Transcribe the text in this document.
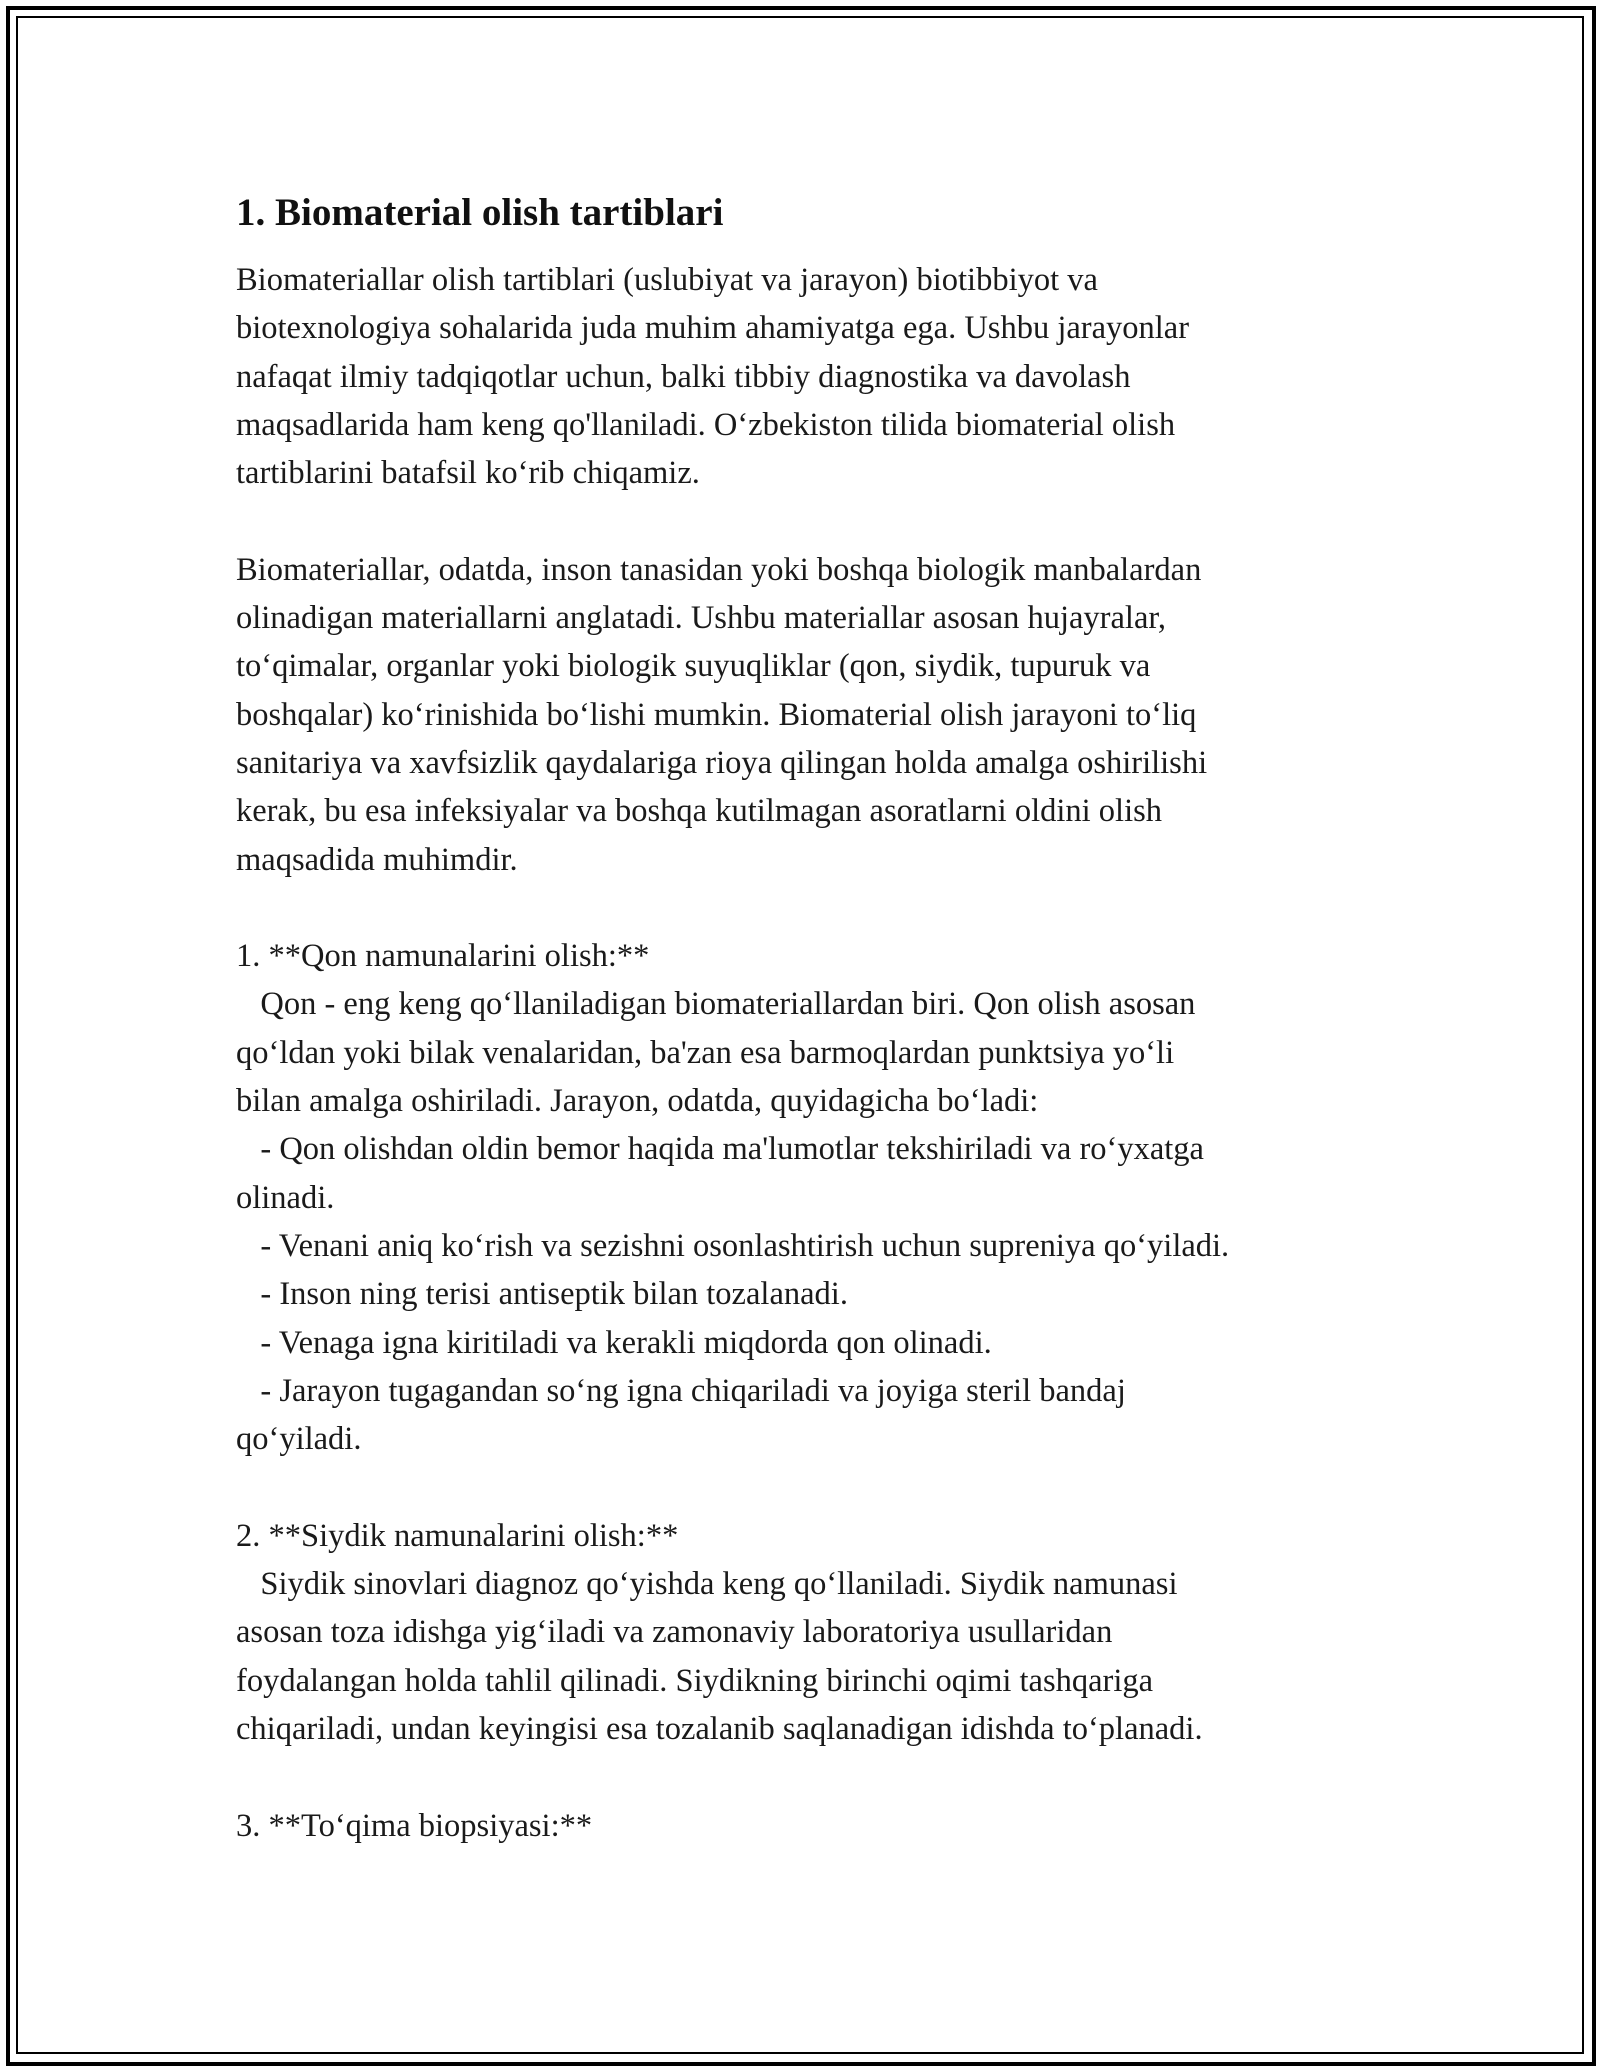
1. Biomaterial olish tartiblari

Biomateriallar olish tartiblari (uslubiyat va jarayon) biotibbiyot va

biotexnologiya sohalarida juda muhim ahamiyatga ega. Ushbu jarayonlar

nafaqat ilmiy tadqiqotlar uchun, balki tibbiy diagnostika va davolash

maqsadlarida ham keng qo'llaniladi. O‘zbekiston tilida biomaterial olish

tartiblarini batafsil ko‘rib chiqamiz.

Biomateriallar, odatda, inson tanasidan yoki boshqa biologik manbalardan

olinadigan materiallarni anglatadi. Ushbu materiallar asosan hujayralar,

to‘qimalar, organlar yoki biologik suyuqliklar (qon, siydik, tupuruk va

boshqalar) ko‘rinishida bo‘lishi mumkin. Biomaterial olish jarayoni to‘liq

sanitariya va xavfsizlik qaydalariga rioya qilingan holda amalga oshirilishi

kerak, bu esa infeksiyalar va boshqa kutilmagan asoratlarni oldini olish

maqsadida muhimdir.

1. **Qon namunalarini olish:**

Qon - eng keng qo‘llaniladigan biomateriallardan biri. Qon olish asosan

qo‘ldan yoki bilak venalaridan, ba'zan esa barmoqlardan punktsiya yo‘li

bilan amalga oshiriladi. Jarayon, odatda, quyidagicha bo‘ladi:

- Qon olishdan oldin bemor haqida ma'lumotlar tekshiriladi va ro‘yxatga

olinadi.

- Venani aniq ko‘rish va sezishni osonlashtirish uchun supreniya qo‘yiladi.

- Inson ning terisi antiseptik bilan tozalanadi.

- Venaga igna kiritiladi va kerakli miqdorda qon olinadi.

- Jarayon tugagandan so‘ng igna chiqariladi va joyiga steril bandaj

qo‘yiladi.

2. **Siydik namunalarini olish:**

Siydik sinovlari diagnoz qo‘yishda keng qo‘llaniladi. Siydik namunasi

asosan toza idishga yig‘iladi va zamonaviy laboratoriya usullaridan

foydalangan holda tahlil qilinadi. Siydikning birinchi oqimi tashqariga

chiqariladi, undan keyingisi esa tozalanib saqlanadigan idishda to‘planadi.

3. **To‘qima biopsiyasi:**
